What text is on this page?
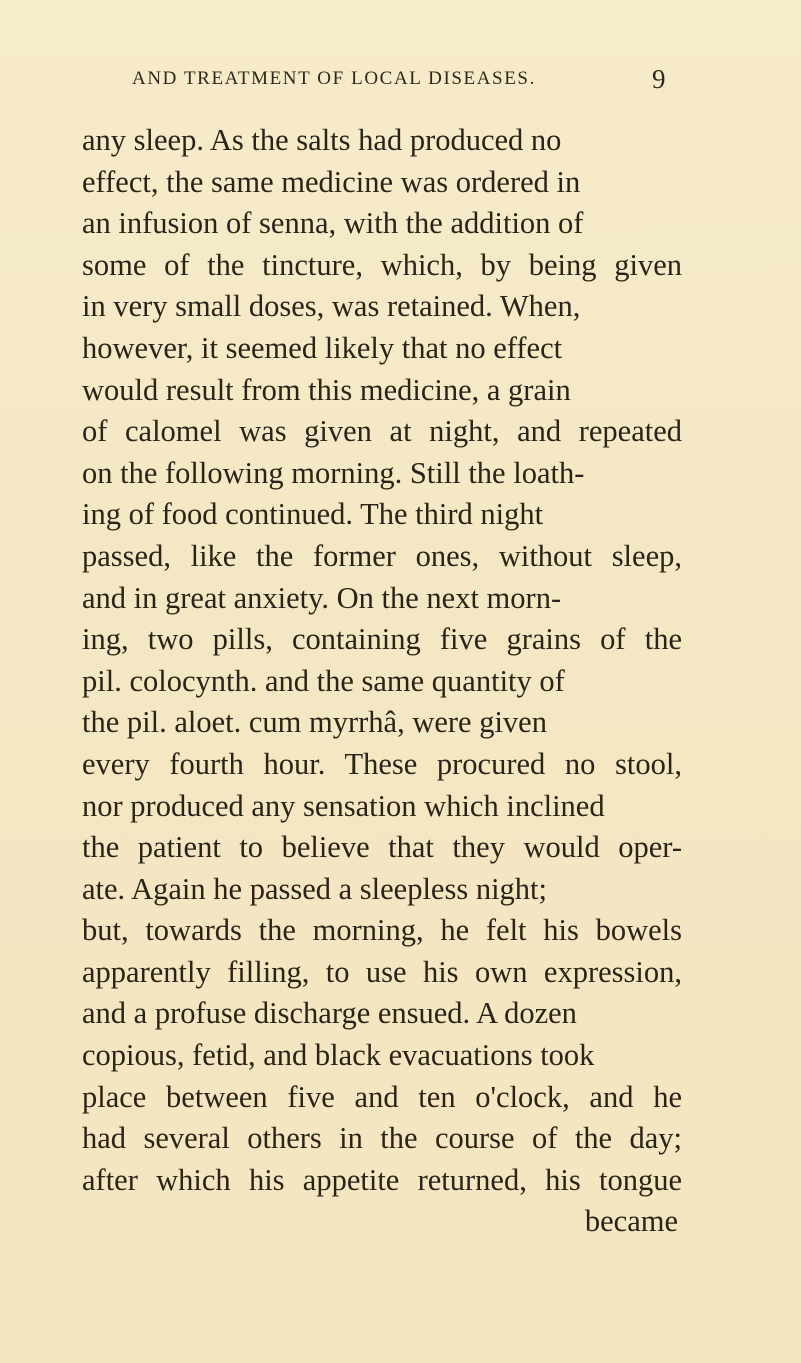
AND TREATMENT OF LOCAL DISEASES.	9
any sleep. As the salts had produced no
effect, the same medicine was ordered in
an infusion of senna, with the addition of
some of the tincture, which, by being given
in very small doses, was retained. When,
however, it seemed likely that no effect
would result from this medicine, a grain
of calomel was given at night, and repeated
on the following morning. Still the loath-
ing of food continued. The third night
passed, like the former ones, without sleep,
and in great anxiety. On the next morn-
ing, two pills, containing five grains of the
pil. colocynth. and the same quantity of
the pil. aloet. cum myrrhâ, were given
every fourth hour. These procured no stool,
nor produced any sensation which inclined
the patient to believe that they would oper-
ate. Again he passed a sleepless night;
but, towards the morning, he felt his bowels
apparently filling, to use his own expression,
and a profuse discharge ensued. A dozen
copious, fetid, and black evacuations took
place between five and ten o'clock, and he
had several others in the course of the day;
after which his appetite returned, his tongue
became
